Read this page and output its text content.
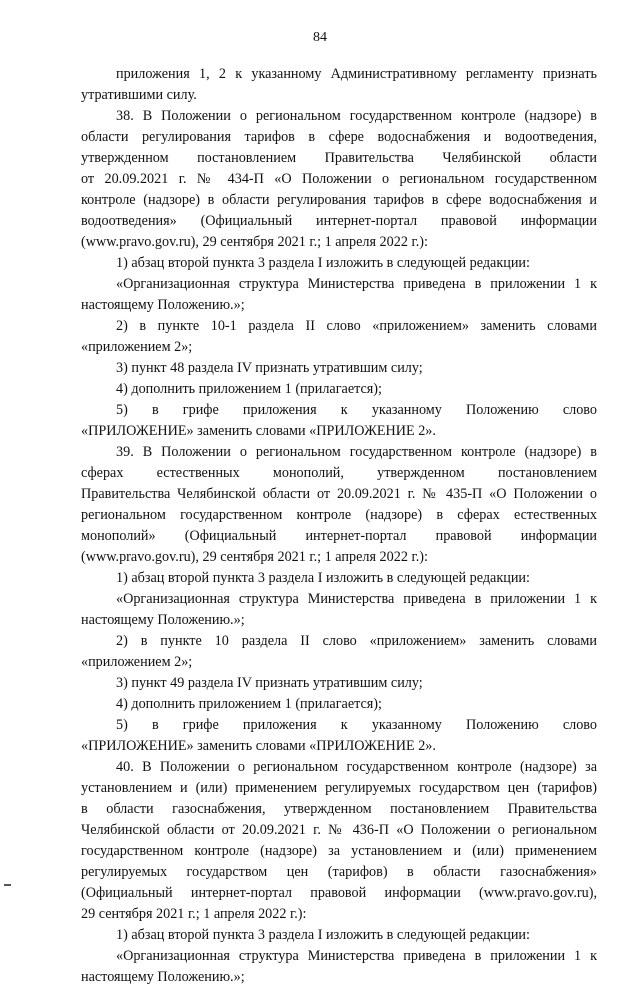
84
приложения 1, 2 к указанному Административному регламенту признать
утратившими силу.
38. В Положении о региональном государственном контроле (надзоре) в
области регулирования тарифов в сфере водоснабжения и водоотведения,
утвержденном постановлением Правительства Челябинской области
от 20.09.2021 г. № 434-П «О Положении о региональном государственном
контроле (надзоре) в области регулирования тарифов в сфере водоснабжения и
водоотведения» (Официальный интернет-портал правовой информации
(www.pravo.gov.ru), 29 сентября 2021 г.; 1 апреля 2022 г.):
1) абзац второй пункта 3 раздела I изложить в следующей редакции:
«Организационная структура Министерства приведена в приложении 1 к
настоящему Положению.»;
2) в пункте 10-1 раздела II слово «приложением» заменить словами
«приложением 2»;
3) пункт 48 раздела IV признать утратившим силу;
4) дополнить приложением 1 (прилагается);
5) в грифе приложения к указанному Положению слово
«ПРИЛОЖЕНИЕ» заменить словами «ПРИЛОЖЕНИЕ 2».
39. В Положении о региональном государственном контроле (надзоре) в
сферах естественных монополий, утвержденном постановлением
Правительства Челябинской области от 20.09.2021 г. № 435-П «О Положении о
региональном государственном контроле (надзоре) в сферах естественных
монополий» (Официальный интернет-портал правовой информации
(www.pravo.gov.ru), 29 сентября 2021 г.; 1 апреля 2022 г.):
1) абзац второй пункта 3 раздела I изложить в следующей редакции:
«Организационная структура Министерства приведена в приложении 1 к
настоящему Положению.»;
2) в пункте 10 раздела II слово «приложением» заменить словами
«приложением 2»;
3) пункт 49 раздела IV признать утратившим силу;
4) дополнить приложением 1 (прилагается);
5) в грифе приложения к указанному Положению слово
«ПРИЛОЖЕНИЕ» заменить словами «ПРИЛОЖЕНИЕ 2».
40. В Положении о региональном государственном контроле (надзоре) за
установлением и (или) применением регулируемых государством цен (тарифов)
в области газоснабжения, утвержденном постановлением Правительства
Челябинской области от 20.09.2021 г. № 436-П «О Положении о региональном
государственном контроле (надзоре) за установлением и (или) применением
регулируемых государством цен (тарифов) в области газоснабжения»
(Официальный интернет-портал правовой информации (www.pravo.gov.ru),
29 сентября 2021 г.; 1 апреля 2022 г.):
1) абзац второй пункта 3 раздела I изложить в следующей редакции:
«Организационная структура Министерства приведена в приложении 1 к
настоящему Положению.»;
